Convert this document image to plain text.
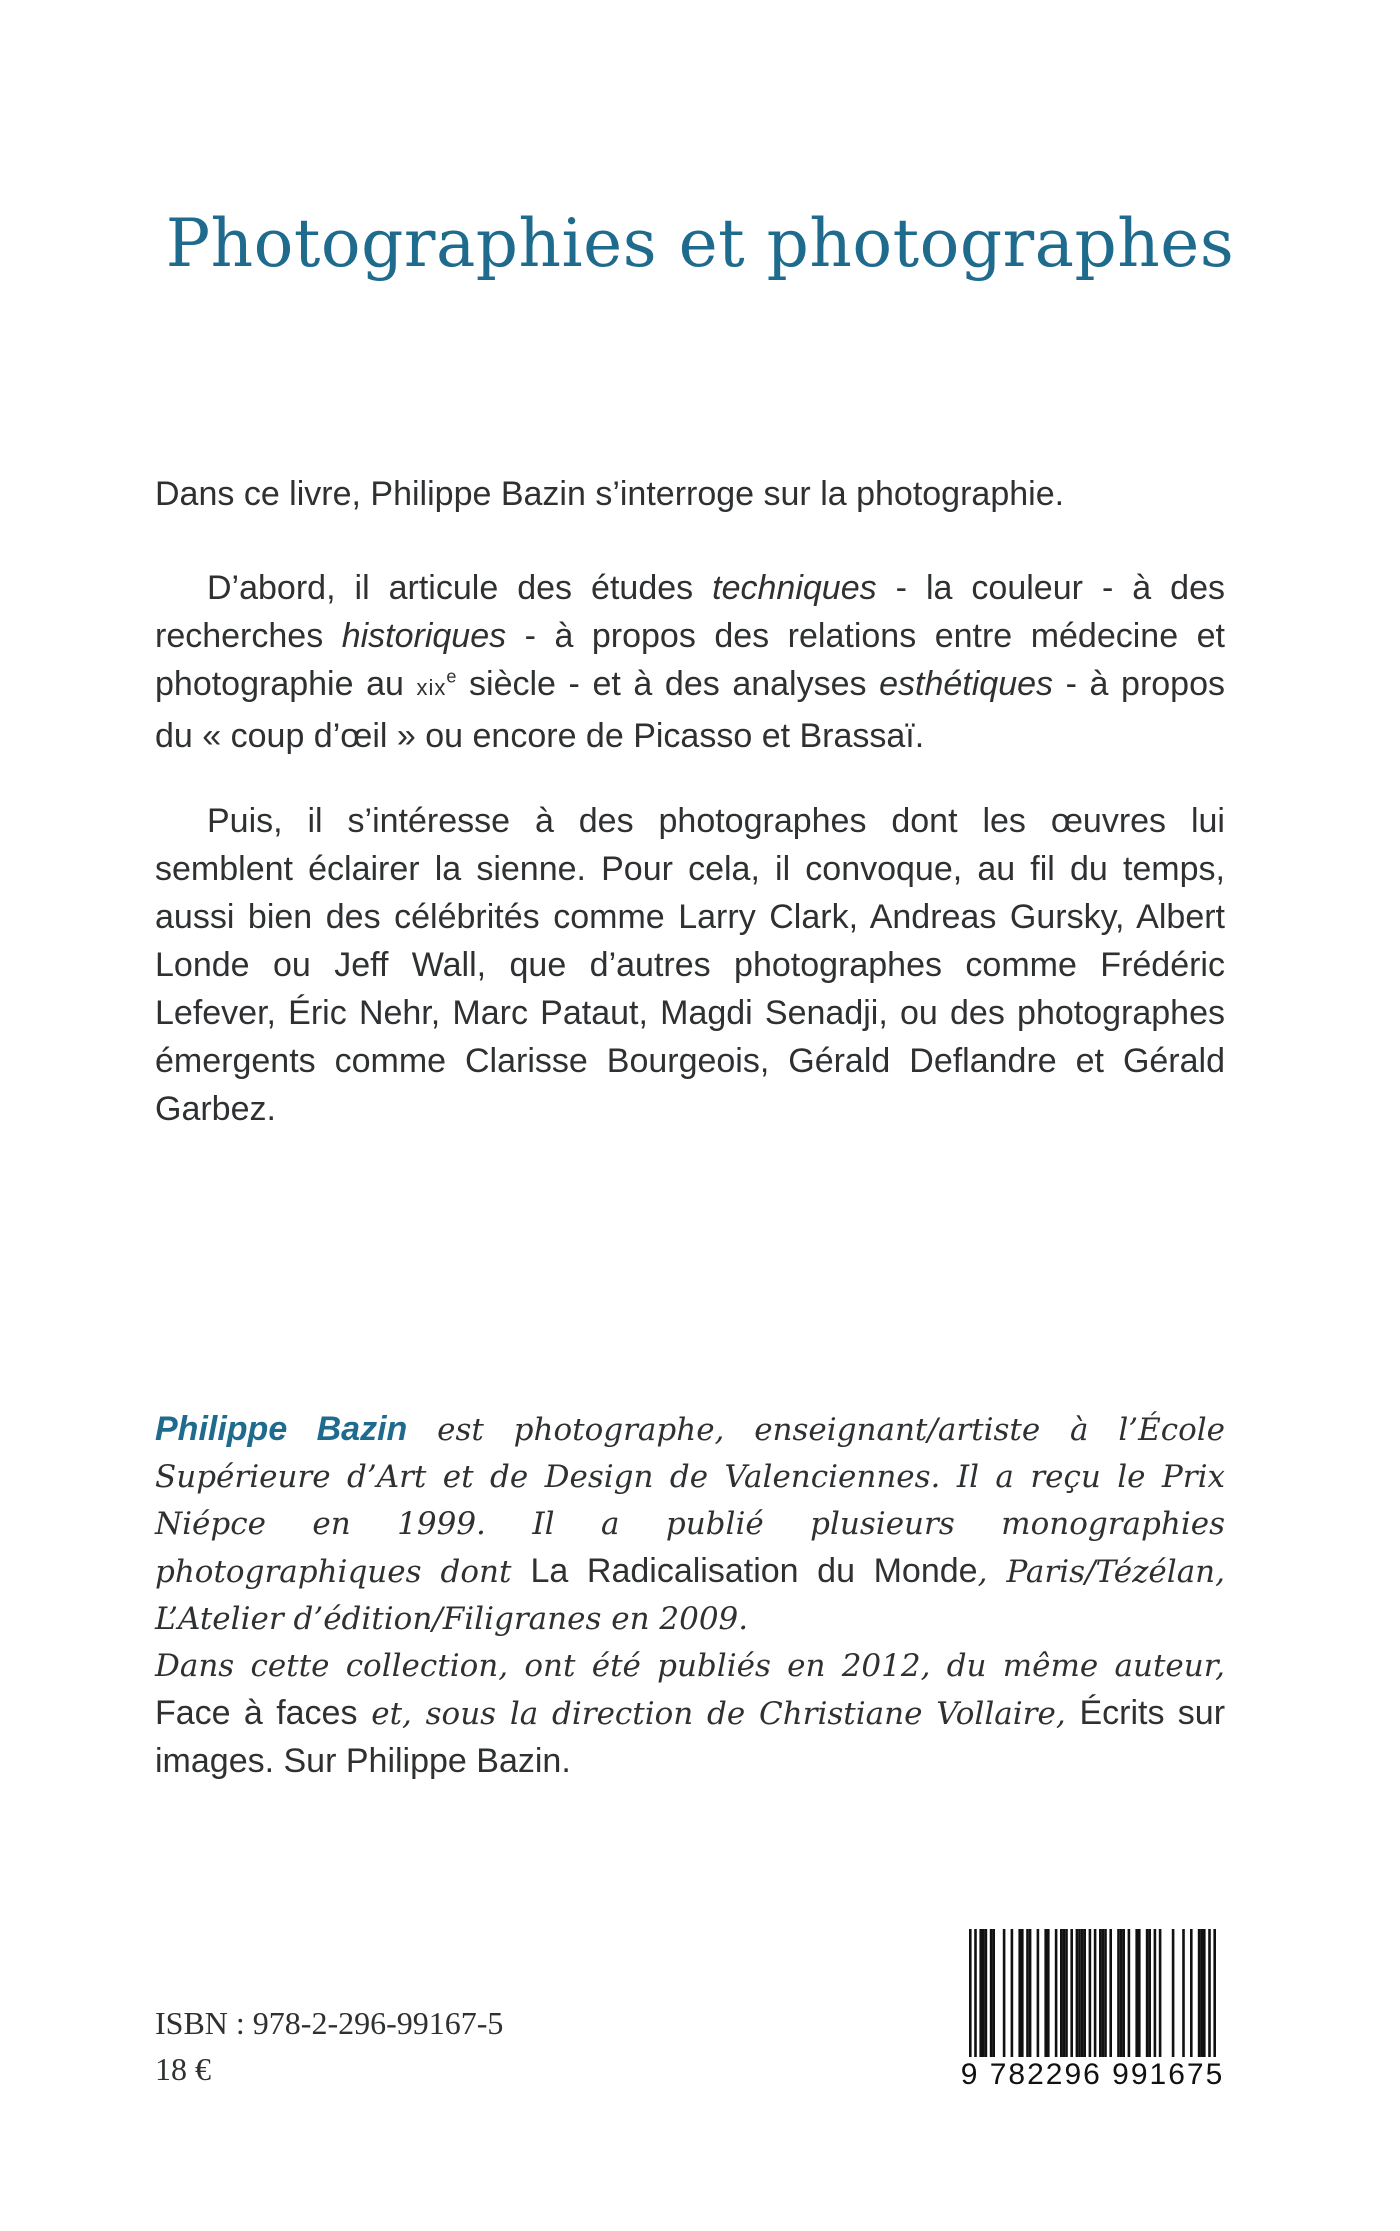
Photographies et photographes

Dans ce livre, Philippe Bazin s’interroge sur la photographie.

D’abord, il articule des études techniques - la couleur - à des recherches historiques - à propos des relations entre médecine et photographie au xix$^e$ siècle - et à des analyses esthétiques - à propos du « coup d’œil » ou encore de Picasso et Brassaï.

Puis, il s’intéresse à des photographes dont les œuvres lui semblent éclairer la sienne. Pour cela, il convoque, au fil du temps, aussi bien des célébrités comme Larry Clark, Andreas Gursky, Albert Londe ou Jeff Wall, que d’autres photographes comme Frédéric Lefever, Éric Nehr, Marc Pataut, Magdi Senadji, ou des photographes émergents comme Clarisse Bourgeois, Gérald Deflandre et Gérald Garbez.

Philippe Bazin est photographe, enseignant/artiste à l’École Supérieure d’Art et de Design de Valenciennes. Il a reçu le Prix Niépce en 1999. Il a publié plusieurs monographies photographiques dont La Radicalisation du Monde, Paris/Tézélan, L’Atelier d’édition/Filigranes en 2009.
Dans cette collection, ont été publiés en 2012, du même auteur, Face à faces et, sous la direction de Christiane Vollaire, Écrits sur images. Sur Philippe Bazin.

ISBN : 978-2-296-99167-5
18 €	9 782296 991675
